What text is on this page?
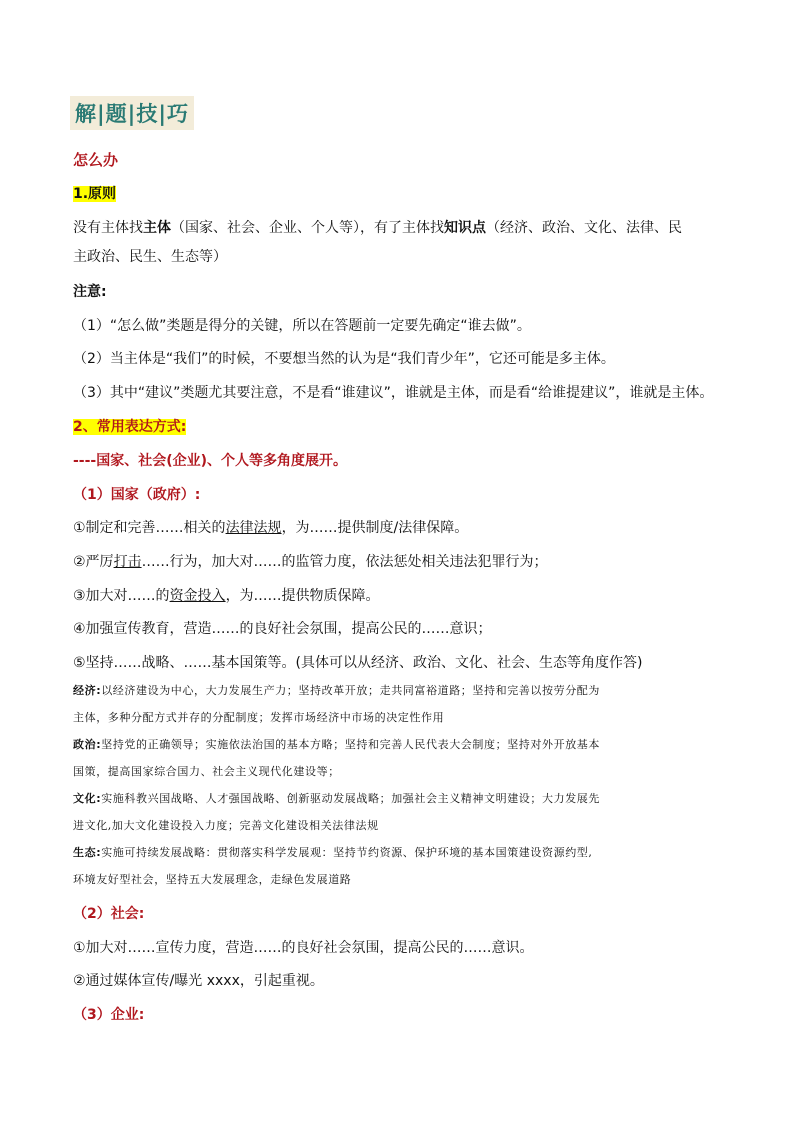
解|题|技|巧
怎么办
1.原则
没有主体找主体（国家、社会、企业、个人等），有了主体找知识点（经济、政治、文化、法律、民
主政治、民生、生态等）
注意:
（1）“怎么做”类题是得分的关键，所以在答题前一定要先确定“谁去做”。
（2）当主体是“我们”的时候，不要想当然的认为是“我们青少年”，它还可能是多主体。
（3）其中“建议”类题尤其要注意，不是看“谁建议”，谁就是主体，而是看“给谁提建议”，谁就是主体。
2、常用表达方式:
----国家、社会(企业)、个人等多角度展开。
（1）国家（政府）:
①制定和完善……相关的法律法规，为……提供制度/法律保障。
②严厉打击……行为，加大对……的监管力度，依法惩处相关违法犯罪行为；
③加大对……的资金投入，为……提供物质保障。
④加强宣传教育，营造……的良好社会氛围，提高公民的……意识；
⑤坚持……战略、……基本国策等。(具体可以从经济、政治、文化、社会、生态等角度作答)
经济:以经济建设为中心，大力发展生产力；坚持改革开放；走共同富裕道路；坚持和完善以按劳分配为
主体，多种分配方式并存的分配制度；发挥市场经济中市场的决定性作用
政治:坚持党的正确领导；实施依法治国的基本方略；坚持和完善人民代表大会制度；坚持对外开放基本
国策，提高国家综合国力、社会主义现代化建设等；
文化:实施科教兴国战略、人才强国战略、创新驱动发展战略；加强社会主义精神文明建设；大力发展先
进文化,加大文化建设投入力度；完善文化建设相关法律法规
生态:实施可持续发展战略：贯彻落实科学发展观：坚持节约资源、保护环境的基本国策建设资源约型,
环境友好型社会，坚持五大发展理念，走绿色发展道路
（2）社会:
①加大对……宣传力度，营造……的良好社会氛围，提高公民的……意识。
②通过媒体宣传/曝光 xxxx，引起重视。
（3）企业:
